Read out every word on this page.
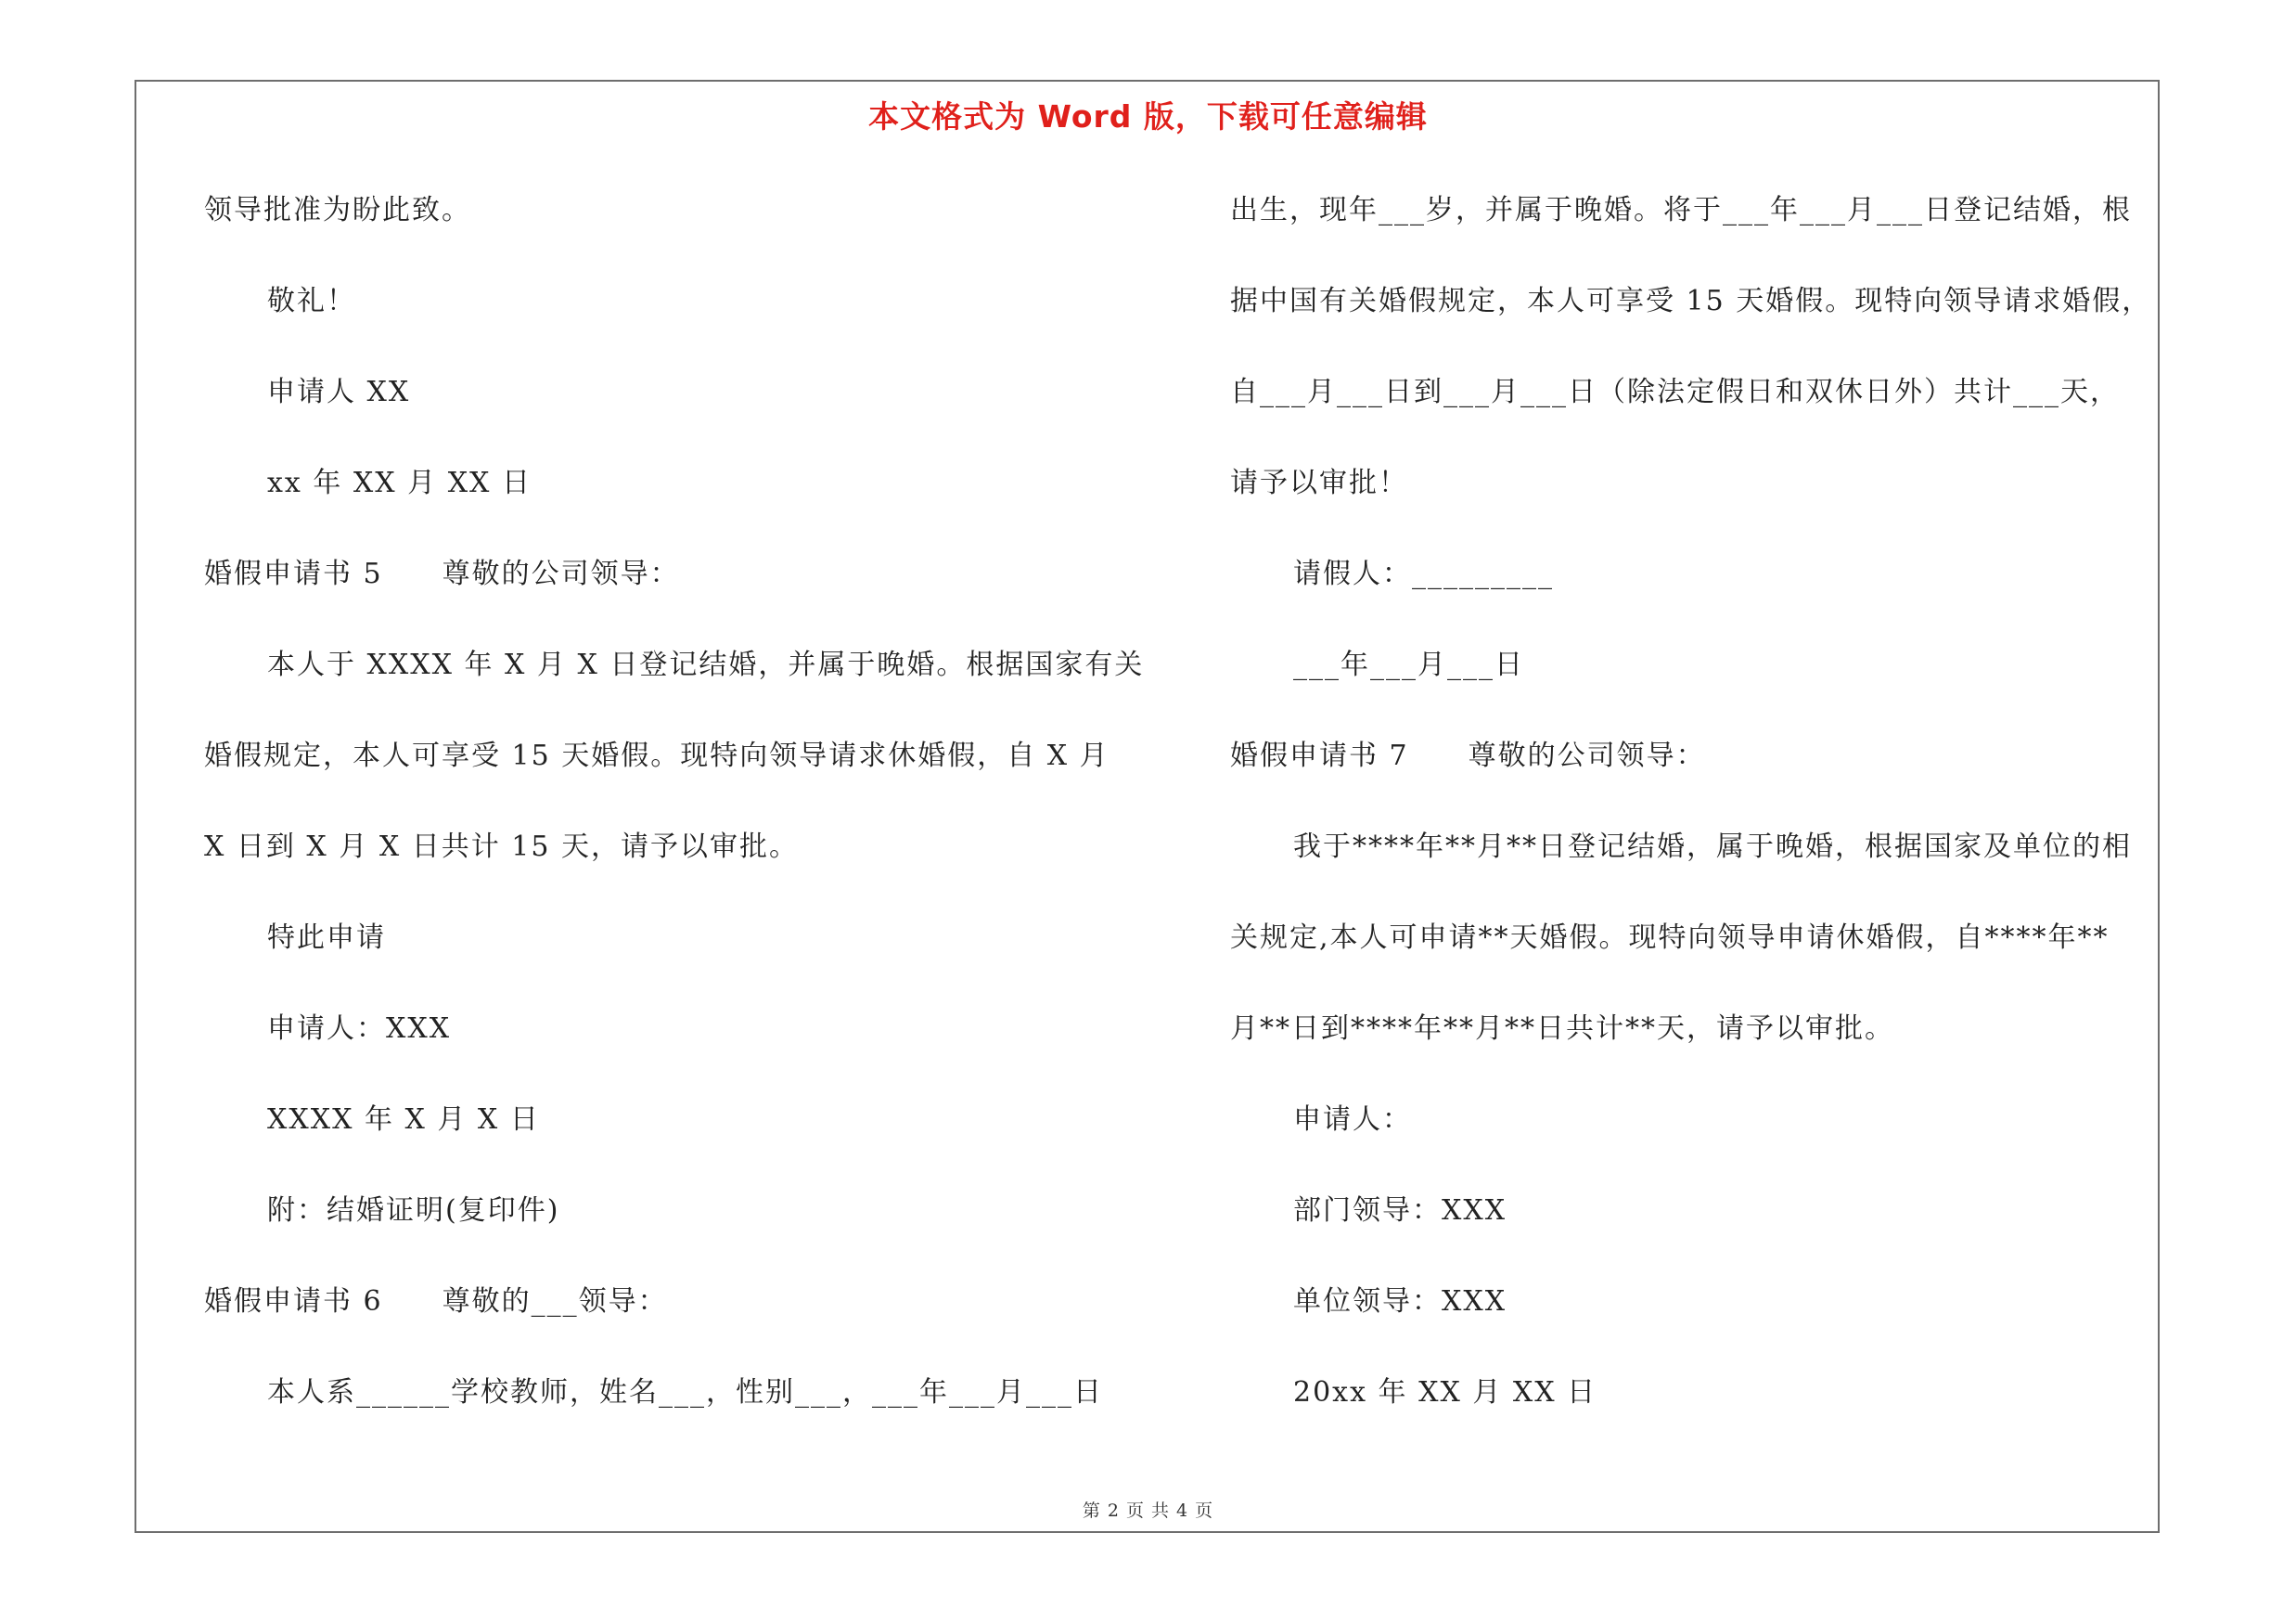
本文格式为 Word 版，下载可任意编辑
领导批准为盼此致。
敬礼！
申请人 XX
xx 年 XX 月 XX 日
婚假申请书 5　　尊敬的公司领导：
本人于 XXXX 年 X 月 X 日登记结婚，并属于晚婚。根据国家有关
婚假规定，本人可享受 15 天婚假。现特向领导请求休婚假，自 X 月
X 日到 X 月 X 日共计 15 天，请予以审批。
特此申请
申请人：XXX
XXXX 年 X 月 X 日
附：结婚证明(复印件)
婚假申请书 6　　尊敬的___领导：
本人系______学校教师，姓名___，性别___，___年___月___日
出生，现年___岁，并属于晚婚。将于___年___月___日登记结婚，根
据中国有关婚假规定，本人可享受 15 天婚假。现特向领导请求婚假，
自___月___日到___月___日（除法定假日和双休日外）共计___天，
请予以审批！
请假人：_________
___年___月___日
婚假申请书 7　　尊敬的公司领导：
我于****年**月**日登记结婚，属于晚婚，根据国家及单位的相
关规定,本人可申请**天婚假。现特向领导申请休婚假，自****年**
月**日到****年**月**日共计**天，请予以审批。
申请人：
部门领导：XXX
单位领导：XXX
20xx 年 XX 月 XX 日
第 2 页 共 4 页
